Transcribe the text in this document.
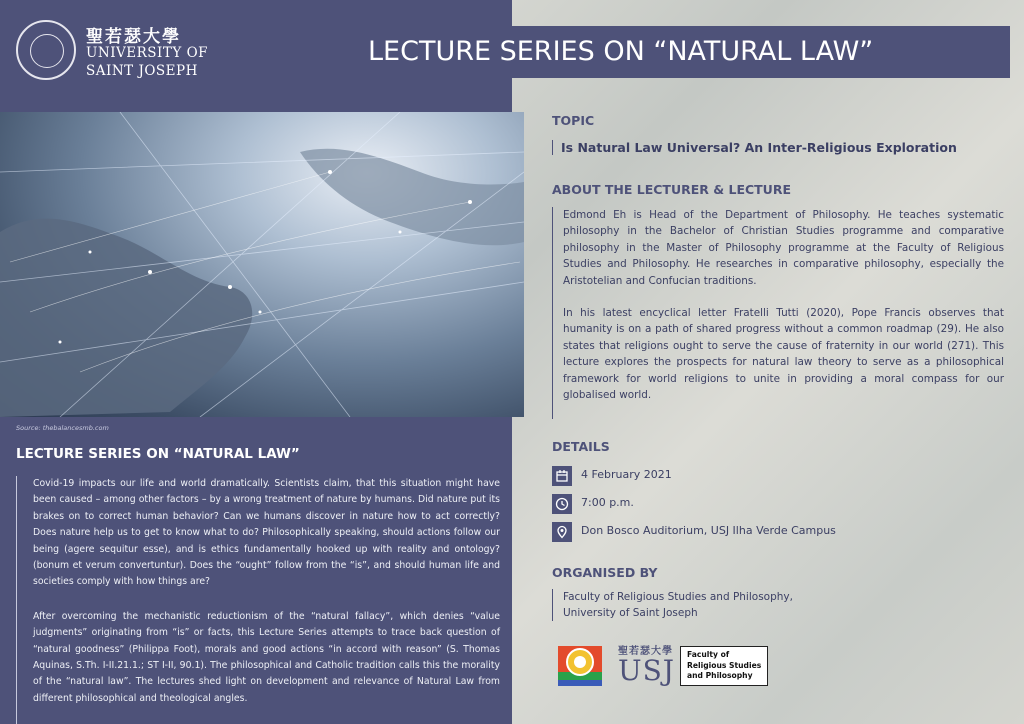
聖若瑟大學
UNIVERSITY OF
SAINT JOSEPH
Source: thebalancesmb.com
LECTURE SERIES ON “NATURAL LAW”

Covid-19 impacts our life and world dramatically. Scientists claim, that this situation might have been caused – among other factors – by a wrong treatment of nature by humans. Did nature put its brakes on to correct human behavior? Can we humans discover in nature how to act correctly? Does nature help us to get to know what to do? Philosophically speaking, should actions follow our being (agere sequitur esse), and is ethics fundamentally hooked up with reality and ontology? (bonum et verum convertuntur). Does the “ought” follow from the “is”, and should human life and societies comply with how things are?

After overcoming the mechanistic reductionism of the “natural fallacy”, which denies “value judgments” originating from “is” or facts, this Lecture Series attempts to trace back question of “natural goodness” (Philippa Foot), morals and good actions “in accord with reason” (S. Thomas Aquinas, S.Th. I-II.21.1.; ST I-II, 90.1). The philosophical and Catholic tradition calls this the morality of the “natural law”. The lectures shed light on development and relevance of Natural Law from different philosophical and theological angles.

LECTURE SERIES ON “NATURAL LAW”
TOPIC
Is Natural Law Universal? An Inter-Religious Exploration
ABOUT THE LECTURER & LECTURE

Edmond Eh is Head of the Department of Philosophy. He teaches systematic philosophy in the Bachelor of Christian Studies programme and comparative philosophy in the Master of Philosophy programme at the Faculty of Religious Studies and Philosophy. He researches in comparative philosophy, especially the Aristotelian and Confucian traditions.

In his latest encyclical letter Fratelli Tutti (2020), Pope Francis observes that humanity is on a path of shared progress without a common roadmap (29). He also states that religions ought to serve the cause of fraternity in our world (271). This lecture explores the prospects for natural law theory to serve as a philosophical framework for world religions to unite in providing a moral compass for our globalised world.

DETAILS
4 February 2021
7:00 p.m.
Don Bosco Auditorium, USJ Ilha Verde Campus
ORGANISED BY
Faculty of Religious Studies and Philosophy,
University of Saint Joseph
聖若瑟大學
USJ Faculty of
Religious Studies
and Philosophy
